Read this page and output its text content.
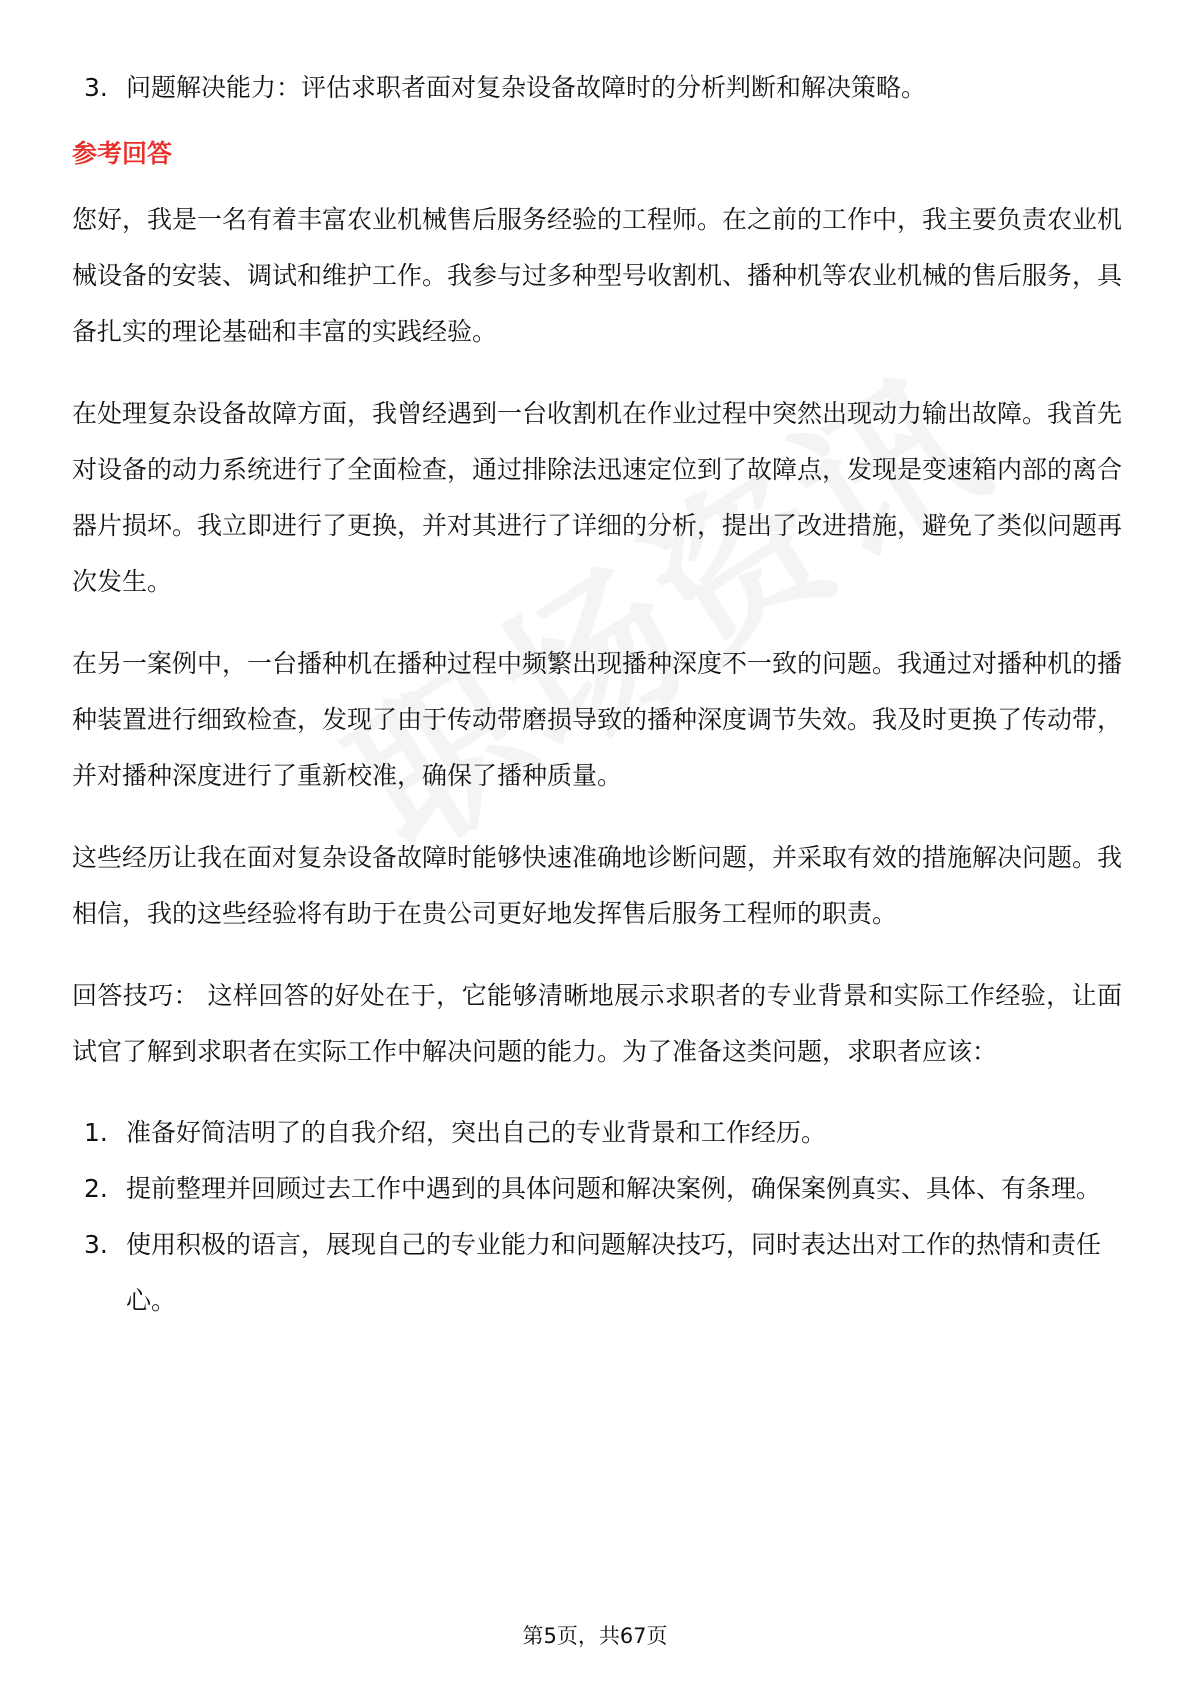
3. 问题解决能力：评估求职者面对复杂设备故障时的分析判断和解决策略。
参考回答

您好，我是一名有着丰富农业机械售后服务经验的工程师。在之前的工作中，我主要负责农业机械设备的安装、调试和维护工作。我参与过多种型号收割机、播种机等农业机械的售后服务，具备扎实的理论基础和丰富的实践经验。

在处理复杂设备故障方面，我曾经遇到一台收割机在作业过程中突然出现动力输出故障。我首先对设备的动力系统进行了全面检查，通过排除法迅速定位到了故障点，发现是变速箱内部的离合器片损坏。我立即进行了更换，并对其进行了详细的分析，提出了改进措施，避免了类似问题再次发生。

在另一案例中，一台播种机在播种过程中频繁出现播种深度不一致的问题。我通过对播种机的播种装置进行细致检查，发现了由于传动带磨损导致的播种深度调节失效。我及时更换了传动带，并对播种深度进行了重新校准，确保了播种质量。

这些经历让我在面对复杂设备故障时能够快速准确地诊断问题，并采取有效的措施解决问题。我相信，我的这些经验将有助于在贵公司更好地发挥售后服务工程师的职责。

回答技巧： 这样回答的好处在于，它能够清晰地展示求职者的专业背景和实际工作经验，让面试官了解到求职者在实际工作中解决问题的能力。为了准备这类问题，求职者应该：

1. 准备好简洁明了的自我介绍，突出自己的专业背景和工作经历。
2. 提前整理并回顾过去工作中遇到的具体问题和解决案例，确保案例真实、具体、有条理。
3. 使用积极的语言，展现自己的专业能力和问题解决技巧，同时表达出对工作的热情和责任心。
第5页，共67页
